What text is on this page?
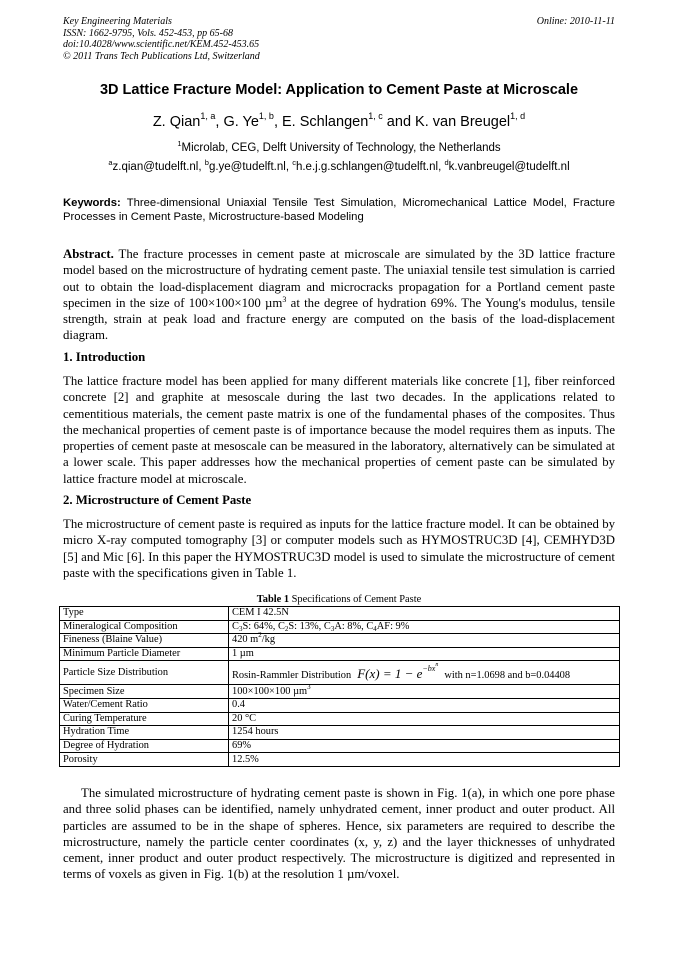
Key Engineering Materials
ISSN: 1662-9795, Vols. 452-453, pp 65-68
doi:10.4028/www.scientific.net/KEM.452-453.65
© 2011 Trans Tech Publications Ltd, Switzerland
Online: 2010-11-11
3D Lattice Fracture Model: Application to Cement Paste at Microscale
Z. Qian$^{1, a}$, G. Ye$^{1, b}$, E. Schlangen$^{1, c}$ and K. van Breugel$^{1, d}$
$^1$Microlab, CEG, Delft University of Technology, the Netherlands
$^a$z.qian@tudelft.nl, $^b$g.ye@tudelft.nl, $^c$h.e.j.g.schlangen@tudelft.nl, $^d$k.vanbreugel@tudelft.nl
Keywords: Three-dimensional Uniaxial Tensile Test Simulation, Micromechanical Lattice Model, Fracture Processes in Cement Paste, Microstructure-based Modeling
Abstract. The fracture processes in cement paste at microscale are simulated by the 3D lattice fracture model based on the microstructure of hydrating cement paste. The uniaxial tensile test simulation is carried out to obtain the load-displacement diagram and microcracks propagation for a Portland cement paste specimen in the size of 100×100×100 µm$^3$ at the degree of hydration 69%. The Young's modulus, tensile strength, strain at peak load and fracture energy are computed on the basis of the load-displacement diagram.
1. Introduction
The lattice fracture model has been applied for many different materials like concrete [1], fiber reinforced concrete [2] and graphite at mesoscale during the last two decades. In the applications related to cementitious materials, the cement paste matrix is one of the fundamental phases of the composites. Thus the mechanical properties of cement paste is of importance because the model requires them as inputs. The properties of cement paste at mesoscale can be measured in the laboratory, alternatively can be simulated at a lower scale. This paper addresses how the mechanical properties of cement paste can be simulated by lattice fracture model at microscale.
2. Microstructure of Cement Paste
The microstructure of cement paste is required as inputs for the lattice fracture model. It can be obtained by micro X-ray computed tomography [3] or computer models such as HYMOSTRUC3D [4], CEMHYD3D [5] and Mic [6]. In this paper the HYMOSTRUC3D model is used to simulate the microstructure of cement paste with the specifications given in Table 1.
Table 1 Specifications of Cement Paste
Type	CEM I 42.5N
Mineralogical Composition	$C_3S$: 64%, $C_2S$: 13%, $C_3A$: 8%, $C_4AF$: 9%
Fineness (Blaine Value)	420 $m^2/kg$
Minimum Particle Diameter	1 µm
Particle Size Distribution	Rosin-Rammler Distribution $F(x) = 1 - e^{-bx^n}with$ n=1.0698 and b=0.04408
Specimen Size	100×100×100 µm$^3$
Water/Cement Ratio	0.4
Curing Temperature	20 °C
Hydration Time	1254 hours
Degree of Hydration	69%
Porosity	12.5%
The simulated microstructure of hydrating cement paste is shown in Fig. 1(a), in which one pore phase and three solid phases can be identified, namely unhydrated cement, inner product and outer product. All particles are assumed to be in the shape of spheres. Hence, six parameters are required to describe the microstructure, namely the particle center coordinates (x, y, z) and the layer thicknesses of unhydrated cement, inner product and outer product respectively. The microstructure is digitized and represented in terms of voxels as given in Fig. 1(b) at the resolution 1 µm/voxel.
